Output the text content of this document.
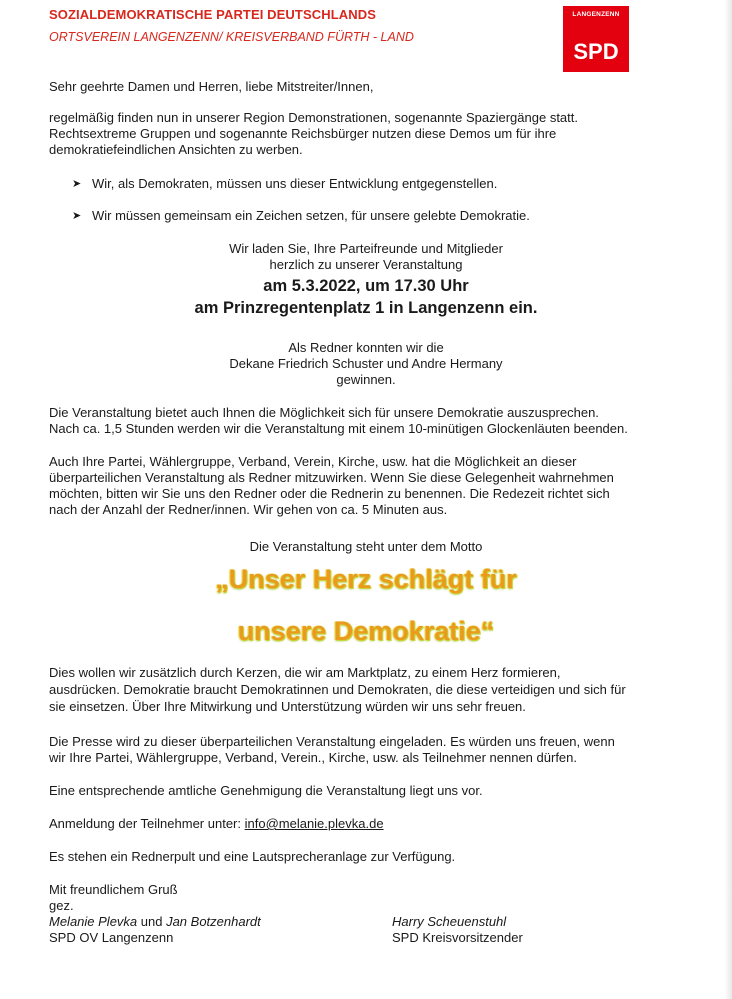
SOZIALDEMOKRATISCHE PARTEI DEUTSCHLANDS
ORTSVEREIN LANGENZENN/ KREISVERBAND FÜRTH - LAND
LANGENZENN
SPD
Sehr geehrte Damen und Herren, liebe Mitstreiter/Innen,
regelmäßig finden nun in unserer Region Demonstrationen, sogenannte Spaziergänge statt.
Rechtsextreme Gruppen und sogenannte Reichsbürger nutzen diese Demos um für ihre
demokratiefeindlichen Ansichten zu werben.
➤ Wir, als Demokraten, müssen uns dieser Entwicklung entgegenstellen.
➤ Wir müssen gemeinsam ein Zeichen setzen, für unsere gelebte Demokratie.
Wir laden Sie, Ihre Parteifreunde und Mitglieder
herzlich zu unserer Veranstaltung
am 5.3.2022, um 17.30 Uhr
am Prinzregentenplatz 1 in Langenzenn ein.
Als Redner konnten wir die
Dekane Friedrich Schuster und Andre Hermany
gewinnen.
Die Veranstaltung bietet auch Ihnen die Möglichkeit sich für unsere Demokratie auszusprechen.
Nach ca. 1,5 Stunden werden wir die Veranstaltung mit einem 10-minütigen Glockenläuten beenden.
Auch Ihre Partei, Wählergruppe, Verband, Verein, Kirche, usw. hat die Möglichkeit an dieser
überparteilichen Veranstaltung als Redner mitzuwirken. Wenn Sie diese Gelegenheit wahrnehmen
möchten, bitten wir Sie uns den Redner oder die Rednerin zu benennen. Die Redezeit richtet sich
nach der Anzahl der Redner/innen. Wir gehen von ca. 5 Minuten aus.
Die Veranstaltung steht unter dem Motto
„Unser Herz schlägt für
unsere Demokratie“
Dies wollen wir zusätzlich durch Kerzen, die wir am Marktplatz, zu einem Herz formieren,
ausdrücken. Demokratie braucht Demokratinnen und Demokraten, die diese verteidigen und sich für
sie einsetzen. Über Ihre Mitwirkung und Unterstützung würden wir uns sehr freuen.
Die Presse wird zu dieser überparteilichen Veranstaltung eingeladen. Es würden uns freuen, wenn
wir Ihre Partei, Wählergruppe, Verband, Verein., Kirche, usw. als Teilnehmer nennen dürfen.
Eine entsprechende amtliche Genehmigung die Veranstaltung liegt uns vor.
Anmeldung der Teilnehmer unter: info@melanie.plevka.de
Es stehen ein Rednerpult und eine Lautsprecheranlage zur Verfügung.
Mit freundlichem Gruß
gez.
Melanie Plevka und Jan Botzenhardt
SPD OV Langenzenn
Harry Scheuenstuhl
SPD Kreisvorsitzender
